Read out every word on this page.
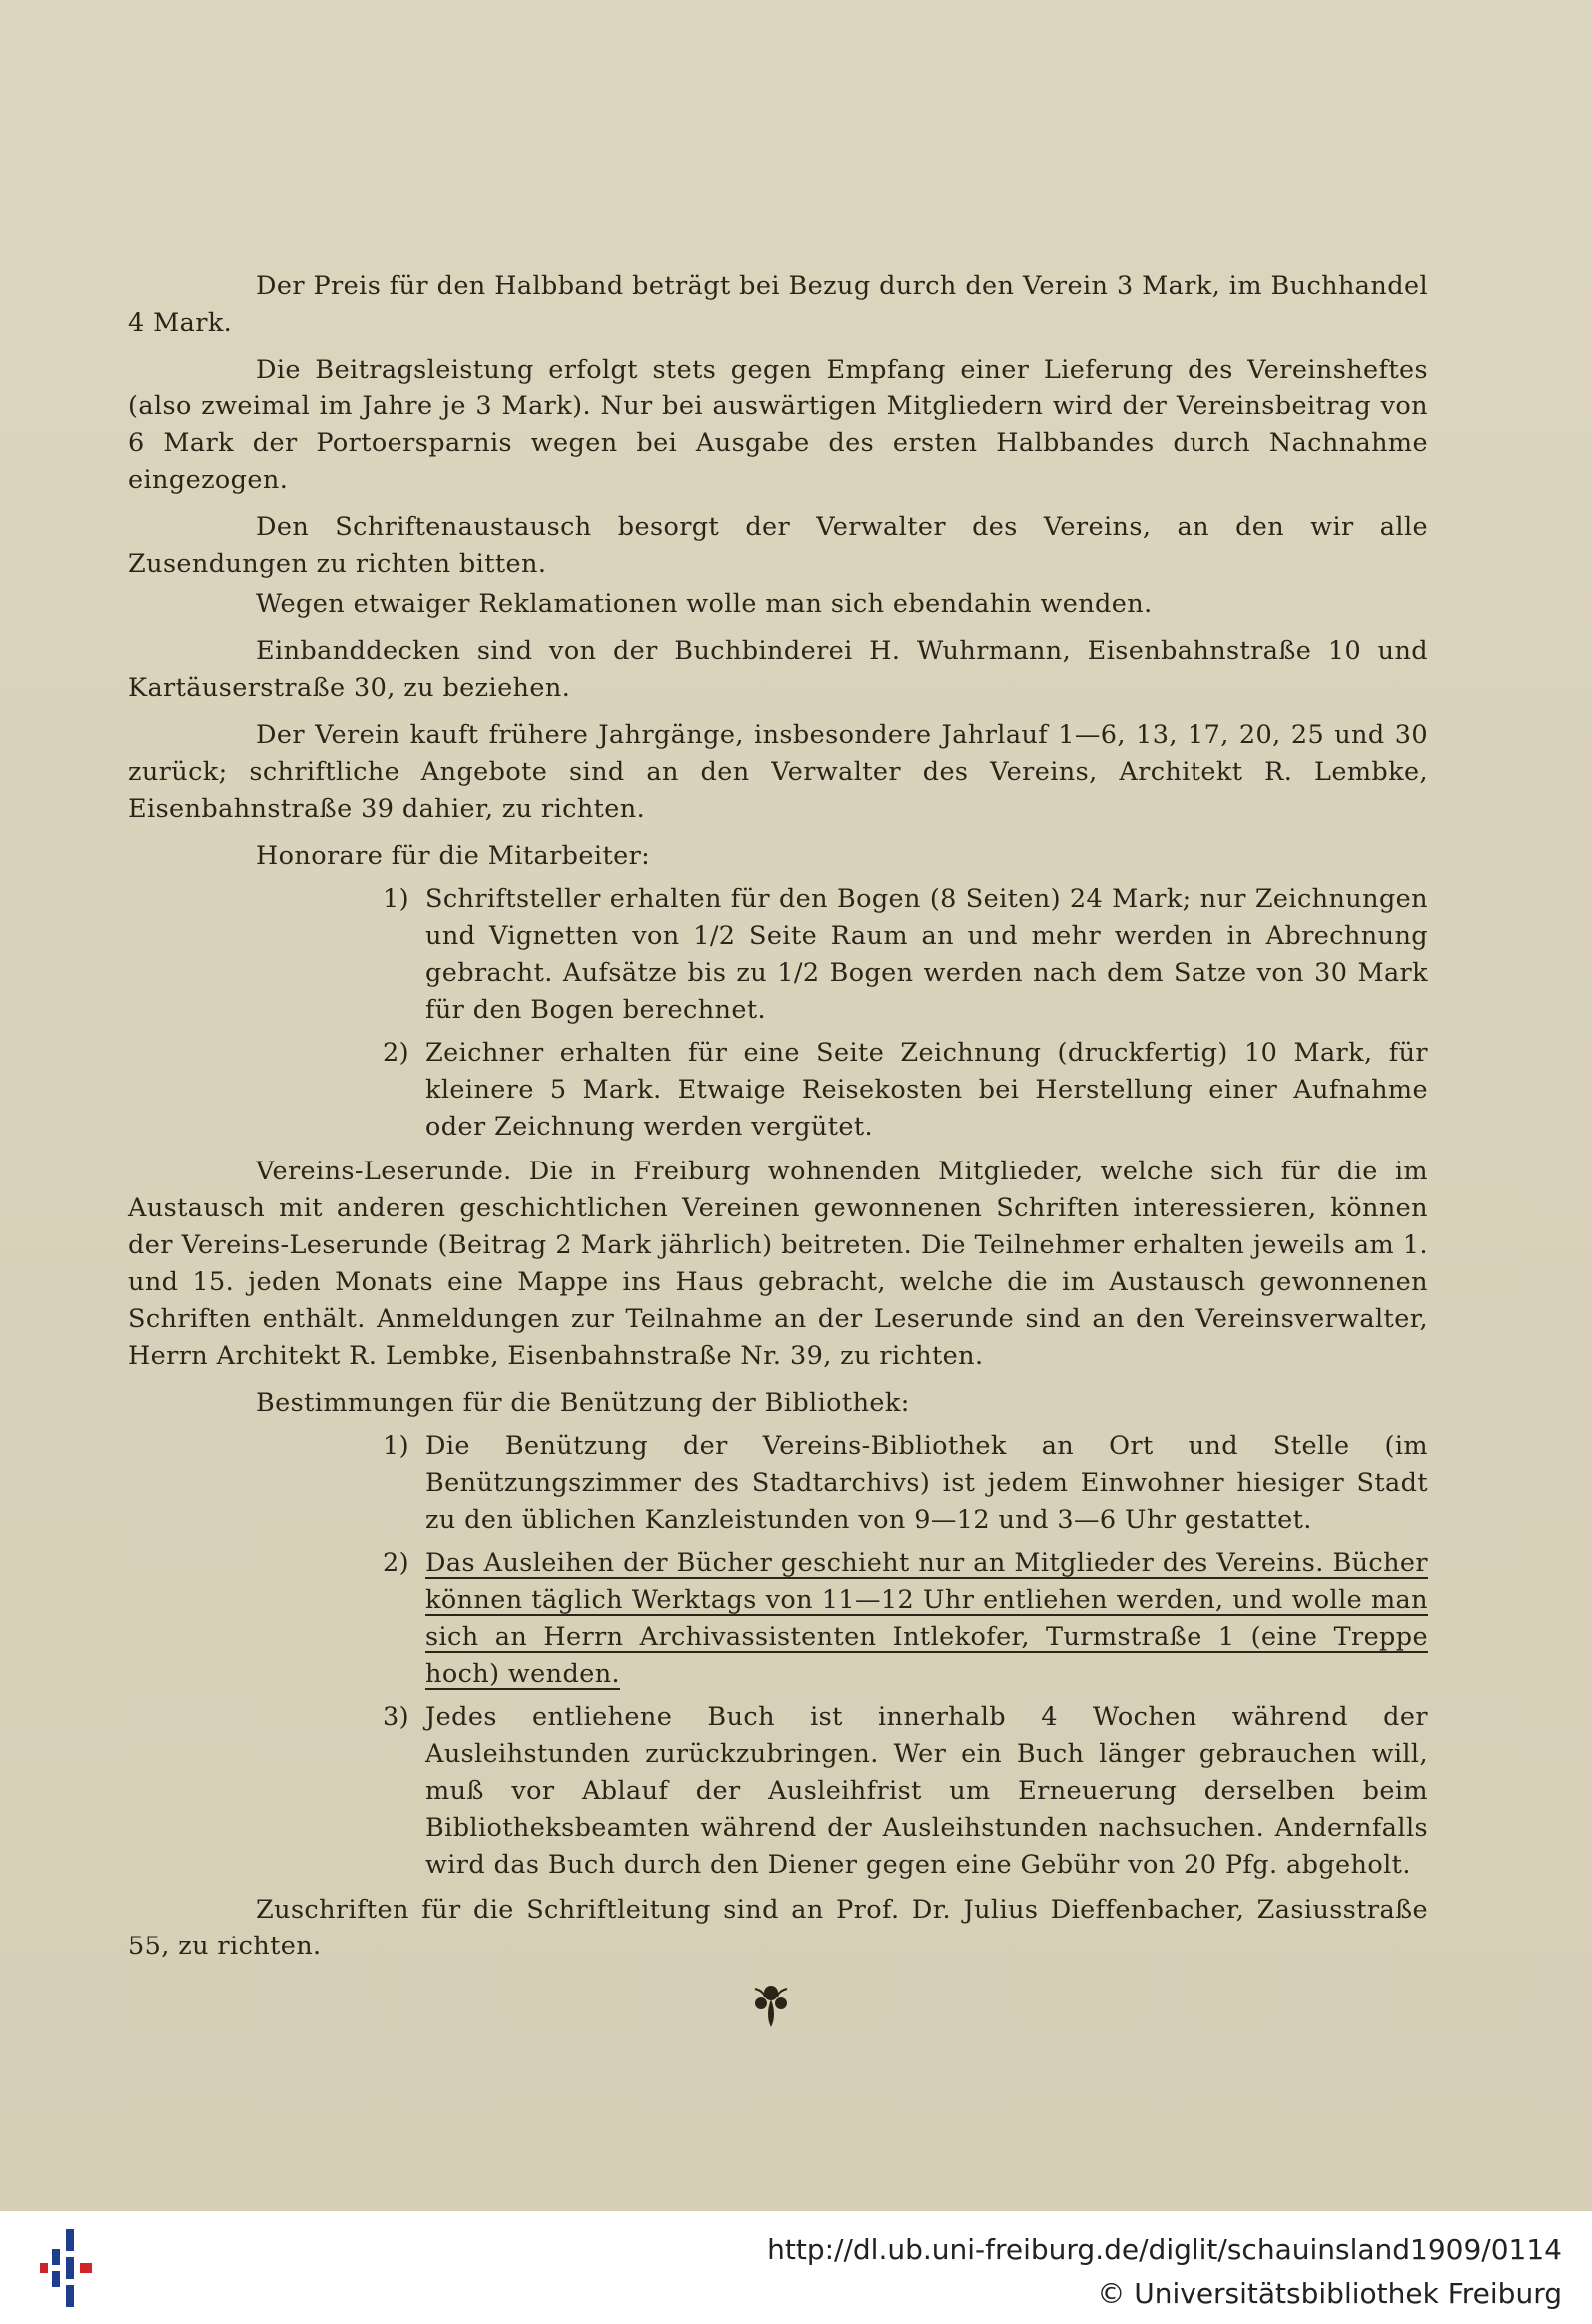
Der Preis für den Halbband beträgt bei Bezug durch den Verein 3 Mark, im Buchhandel 4 Mark.

Die Beitragsleistung erfolgt stets gegen Empfang einer Lieferung des Vereinsheftes (also zweimal im Jahre je 3 Mark). Nur bei auswärtigen Mitgliedern wird der Vereinsbeitrag von 6 Mark der Portoersparnis wegen bei Ausgabe des ersten Halbbandes durch Nachnahme eingezogen.

Den Schriftenaustausch besorgt der Verwalter des Vereins, an den wir alle Zusendungen zu richten bitten.

Wegen etwaiger Reklamationen wolle man sich ebendahin wenden.

Einbanddecken sind von der Buchbinderei H. Wuhrmann, Eisenbahnstraße 10 und Kartäuserstraße 30, zu beziehen.

Der Verein kauft frühere Jahrgänge, insbesondere Jahrlauf 1—6, 13, 17, 20, 25 und 30 zurück; schriftliche Angebote sind an den Verwalter des Vereins, Architekt R. Lembke, Eisenbahnstraße 39 dahier, zu richten.

Honorare für die Mitarbeiter:

1) Schriftsteller erhalten für den Bogen (8 Seiten) 24 Mark; nur Zeichnungen und Vignetten von 1/2 Seite Raum an und mehr werden in Abrechnung gebracht. Aufsätze bis zu 1/2 Bogen werden nach dem Satze von 30 Mark für den Bogen berechnet.
2) Zeichner erhalten für eine Seite Zeichnung (druckfertig) 10 Mark, für kleinere 5 Mark. Etwaige Reisekosten bei Herstellung einer Aufnahme oder Zeichnung werden vergütet.

Vereins-Leserunde. Die in Freiburg wohnenden Mitglieder, welche sich für die im Austausch mit anderen geschichtlichen Vereinen gewonnenen Schriften interessieren, können der Vereins-Leserunde (Beitrag 2 Mark jährlich) beitreten. Die Teilnehmer erhalten jeweils am 1. und 15. jeden Monats eine Mappe ins Haus gebracht, welche die im Austausch gewonnenen Schriften enthält. Anmeldungen zur Teilnahme an der Leserunde sind an den Vereinsverwalter, Herrn Architekt R. Lembke, Eisenbahnstraße Nr. 39, zu richten.

Bestimmungen für die Benützung der Bibliothek:

1) Die Benützung der Vereins-Bibliothek an Ort und Stelle (im Benützungszimmer des Stadtarchivs) ist jedem Einwohner hiesiger Stadt zu den üblichen Kanzleistunden von 9—12 und 3—6 Uhr gestattet.
2) Das Ausleihen der Bücher geschieht nur an Mitglieder des Vereins. Bücher können täglich Werktags von 11—12 Uhr entliehen werden, und wolle man sich an Herrn Archivassistenten Intlekofer, Turmstraße 1 (eine Treppe hoch) wenden.
3) Jedes entliehene Buch ist innerhalb 4 Wochen während der Ausleihstunden zurückzubringen. Wer ein Buch länger gebrauchen will, muß vor Ablauf der Ausleihfrist um Erneuerung derselben beim Bibliotheksbeamten während der Ausleihstunden nachsuchen. Andernfalls wird das Buch durch den Diener gegen eine Gebühr von 20 Pfg. abgeholt.

Zuschriften für die Schriftleitung sind an Prof. Dr. Julius Dieffenbacher, Zasiusstraße 55, zu richten.

http://dl.ub.uni-freiburg.de/diglit/schauinsland1909/0114
© Universitätsbibliothek Freiburg
